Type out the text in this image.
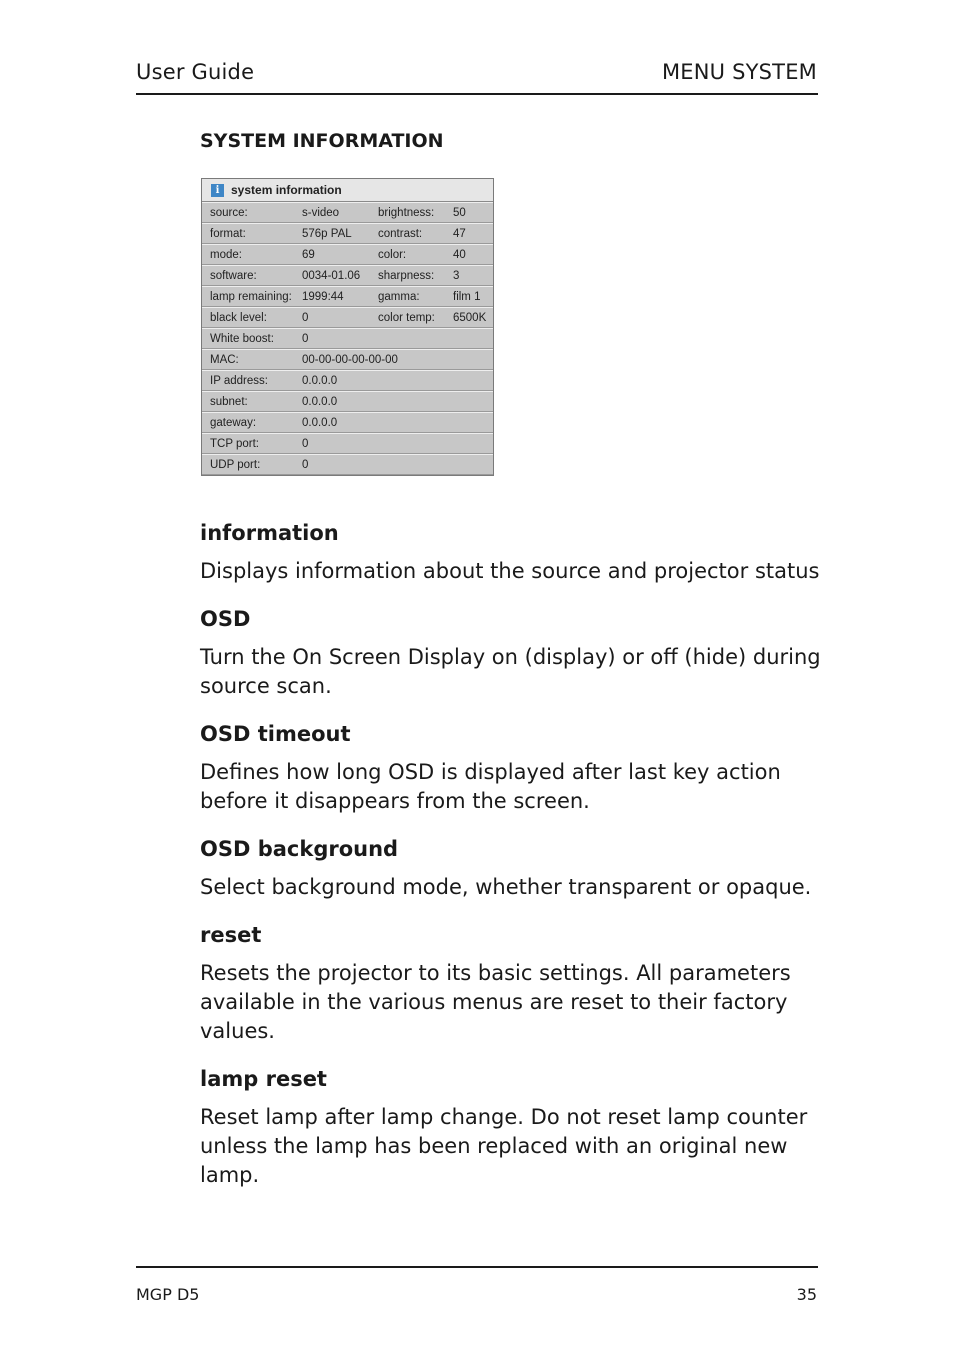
User Guide	MENU SYSTEM
SYSTEM INFORMATION
i system information
source:	s-video	brightness: 50
format:	576p PAL contrast:	47
mode:	69	color:	40
software:	0034-01.06 sharpness: 3
lamp remaining: 1999:44	gamma:	film 1
black level:	0	color temp: 6500K
White boost: 0
MAC:	00-00-00-00-00-00
IP address:	0.0.0.0
subnet:	0.0.0.0
gateway:	0.0.0.0
TCP port:	0
UDP port:	0
information
Displays information about the source and projector status
OSD
Turn the On Screen Display on (display) or off (hide) during source scan.
OSD timeout
Defines how long OSD is displayed after last key action before it disappears from the screen.
OSD background
Select background mode, whether transparent or opaque.
reset
Resets the projector to its basic settings. All parameters available in the various menus are reset to their factory values.
lamp reset
Reset lamp after lamp change. Do not reset lamp counter unless the lamp has been replaced with an original new lamp.
MGP D5	35
